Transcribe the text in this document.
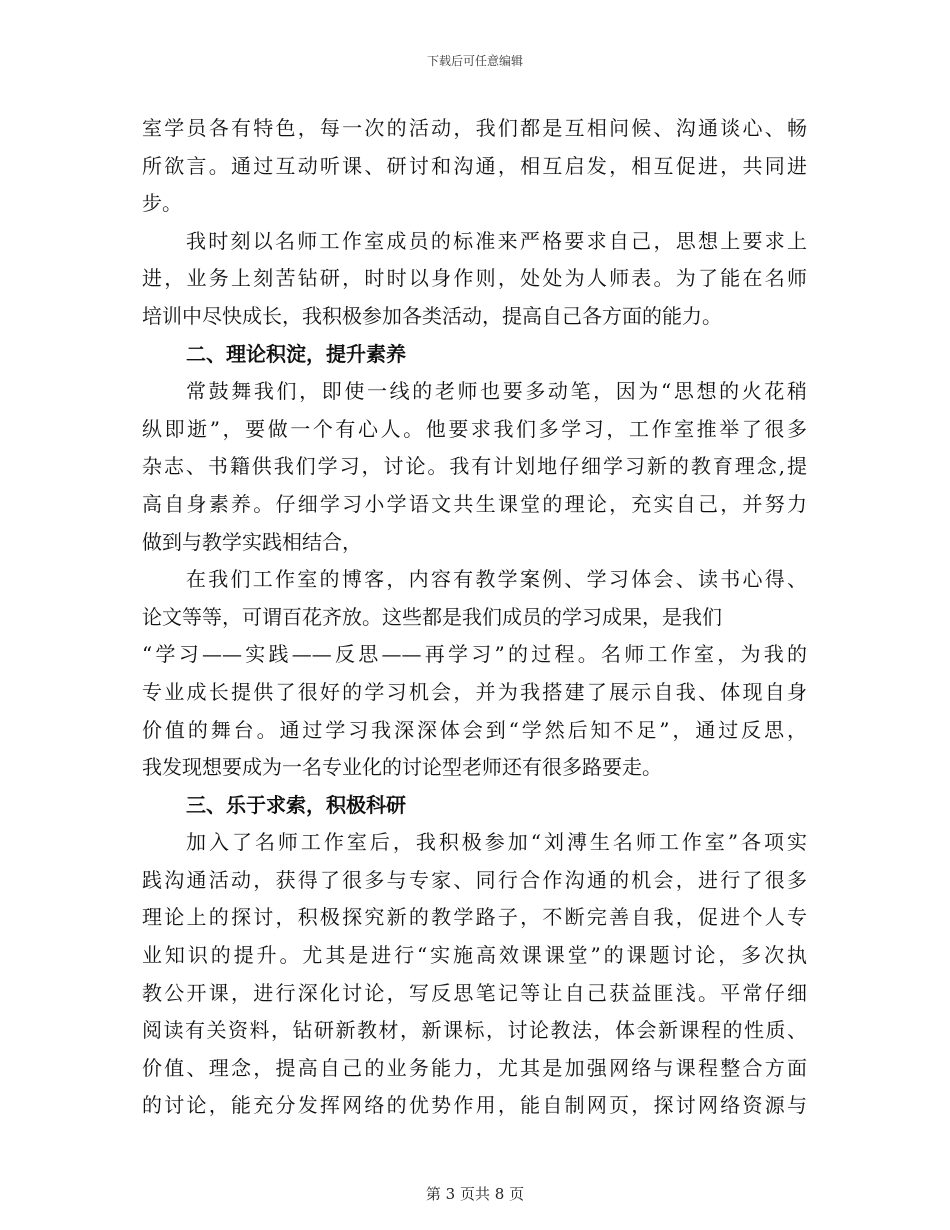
下载后可任意编辑
室学员各有特色，每一次的活动，我们都是互相问候、沟通谈心、畅
所欲言。通过互动听课、研讨和沟通，相互启发，相互促进，共同进
步。
我时刻以名师工作室成员的标准来严格要求自己，思想上要求上
进，业务上刻苦钻研，时时以身作则，处处为人师表。为了能在名师
培训中尽快成长，我积极参加各类活动，提高自己各方面的能力。
二、理论积淀，提升素养
常鼓舞我们，即使一线的老师也要多动笔，因为“思想的火花稍
纵即逝”，要做一个有心人。他要求我们多学习，工作室推举了很多
杂志、书籍供我们学习，讨论。我有计划地仔细学习新的教育理念,提
高自身素养。仔细学习小学语文共生课堂的理论，充实自己，并努力
做到与教学实践相结合，
在我们工作室的博客，内容有教学案例、学习体会、读书心得、
论文等等，可谓百花齐放。这些都是我们成员的学习成果，是我们
“学习——实践——反思——再学习”的过程。名师工作室，为我的
专业成长提供了很好的学习机会，并为我搭建了展示自我、体现自身
价值的舞台。通过学习我深深体会到“学然后知不足”，通过反思，
我发现想要成为一名专业化的讨论型老师还有很多路要走。
三、乐于求索，积极科研
加入了名师工作室后，我积极参加“刘溥生名师工作室”各项实
践沟通活动，获得了很多与专家、同行合作沟通的机会，进行了很多
理论上的探讨，积极探究新的教学路子，不断完善自我，促进个人专
业知识的提升。尤其是进行“实施高效课课堂”的课题讨论，多次执
教公开课，进行深化讨论，写反思笔记等让自己获益匪浅。平常仔细
阅读有关资料，钻研新教材，新课标，讨论教法，体会新课程的性质、
价值、理念，提高自己的业务能力，尤其是加强网络与课程整合方面
的讨论，能充分发挥网络的优势作用，能自制网页，探讨网络资源与
第 3 页共 8 页
